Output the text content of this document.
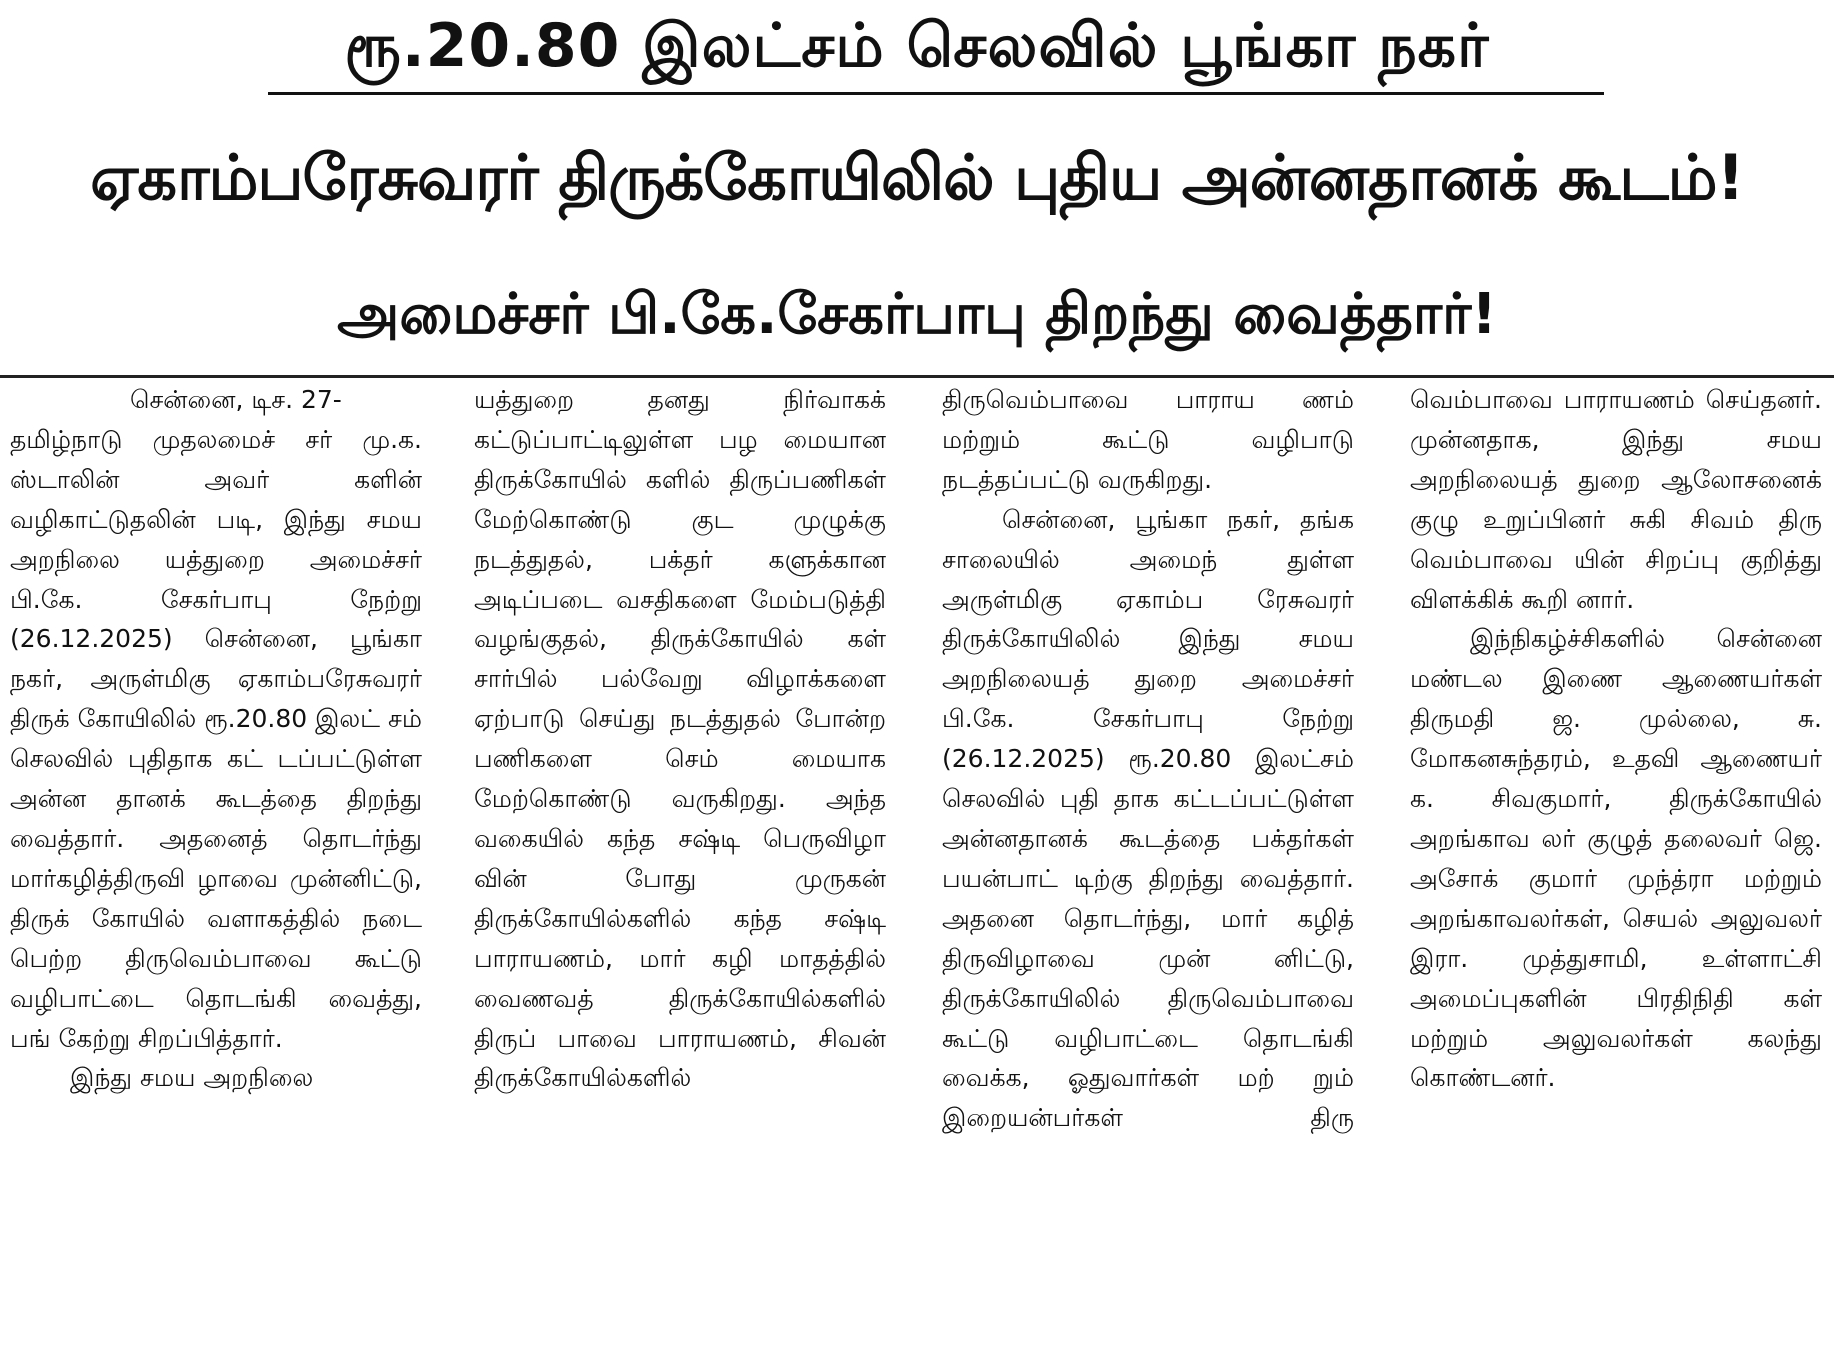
ரூ.20.80 இலட்சம் செலவில் பூங்கா நகர்
ஏகாம்பரேசுவரர் திருக்கோயிலில் புதிய அன்னதானக் கூடம்!
அமைச்சர் பி.கே.சேகர்பாபு திறந்து வைத்தார்!

சென்னை, டிச. 27-

தமிழ்நாடு முதலமைச் சர் மு.க. ஸ்டாலின் அவர் களின் வழிகாட்டுதலின் படி, இந்து சமய அறநிலை யத்துறை அமைச்சர் பி.கே. சேகர்பாபு நேற்று (26.12.2025) சென்னை, பூங்கா நகர், அருள்மிகு ஏகாம்பரேசுவரர் திருக் கோயிலில் ரூ.20.80 இலட் சம் செலவில் புதிதாக கட் டப்பட்டுள்ள அன்ன தானக் கூடத்தை திறந்து வைத்தார். அதனைத் தொடர்ந்து மார்கழித்திருவி ழாவை முன்னிட்டு, திருக் கோயில் வளாகத்தில் நடை பெற்ற திருவெம்பாவை கூட்டு வழிபாட்டை தொடங்கி வைத்து, பங் கேற்று சிறப்பித்தார்.

இந்து சமய அறநிலை

யத்துறை தனது நிர்வாகக் கட்டுப்பாட்டிலுள்ள பழ மையான திருக்கோயில் களில் திருப்பணிகள் மேற்கொண்டு குட முழுக்கு நடத்துதல், பக்தர் களுக்கான அடிப்படை வசதிகளை மேம்படுத்தி வழங்குதல், திருக்கோயில் கள் சார்பில் பல்வேறு விழாக்களை ஏற்பாடு செய்து நடத்துதல் போன்ற பணிகளை செம் மையாக மேற்கொண்டு வருகிறது. அந்த வகையில் கந்த சஷ்டி பெருவிழா வின் போது முருகன் திருக்கோயில்களில் கந்த சஷ்டி பாராயணம், மார் கழி மாதத்தில் வைணவத் திருக்கோயில்களில் திருப் பாவை பாராயணம், சிவன் திருக்கோயில்களில்

திருவெம்பாவை பாராய ணம் மற்றும் கூட்டு வழிபாடு நடத்தப்பட்டு வருகிறது.

சென்னை, பூங்கா நகர், தங்க சாலையில் அமைந் துள்ள அருள்மிகு ஏகாம்ப ரேசுவரர் திருக்கோயிலில் இந்து சமய அறநிலையத் துறை அமைச்சர் பி.கே. சேகர்பாபு நேற்று (26.12.2025) ரூ.20.80 இலட்சம் செலவில் புதி தாக கட்டப்பட்டுள்ள அன்னதானக் கூடத்தை பக்தர்கள் பயன்பாட் டிற்கு திறந்து வைத்தார். அதனை தொடர்ந்து, மார் கழித் திருவிழாவை முன் னிட்டு, திருக்கோயிலில் திருவெம்பாவை கூட்டு வழிபாட்டை தொடங்கி வைக்க, ஓதுவார்கள் மற் றும் இறையன்பர்கள் திரு

வெம்பாவை பாராயணம் செய்தனர். முன்னதாக, இந்து சமய அறநிலையத் துறை ஆலோசனைக் குழு உறுப்பினர் சுகி சிவம் திரு வெம்பாவை யின் சிறப்பு குறித்து விளக்கிக் கூறி னார்.

இந்நிகழ்ச்சிகளில் சென்னை மண்டல இணை ஆணையர்கள் திருமதி ஜ. முல்லை, சு. மோகனசுந்தரம், உதவி ஆணையர் க. சிவகுமார், திருக்கோயில் அறங்காவ லர் குழுத் தலைவர் ஜெ. அசோக் குமார் முந்த்ரா மற்றும் அறங்காவலர்கள், செயல் அலுவலர் இரா. முத்துசாமி, உள்ளாட்சி அமைப்புகளின் பிரதிநிதி கள் மற்றும் அலுவலர்கள் கலந்து கொண்டனர்.
